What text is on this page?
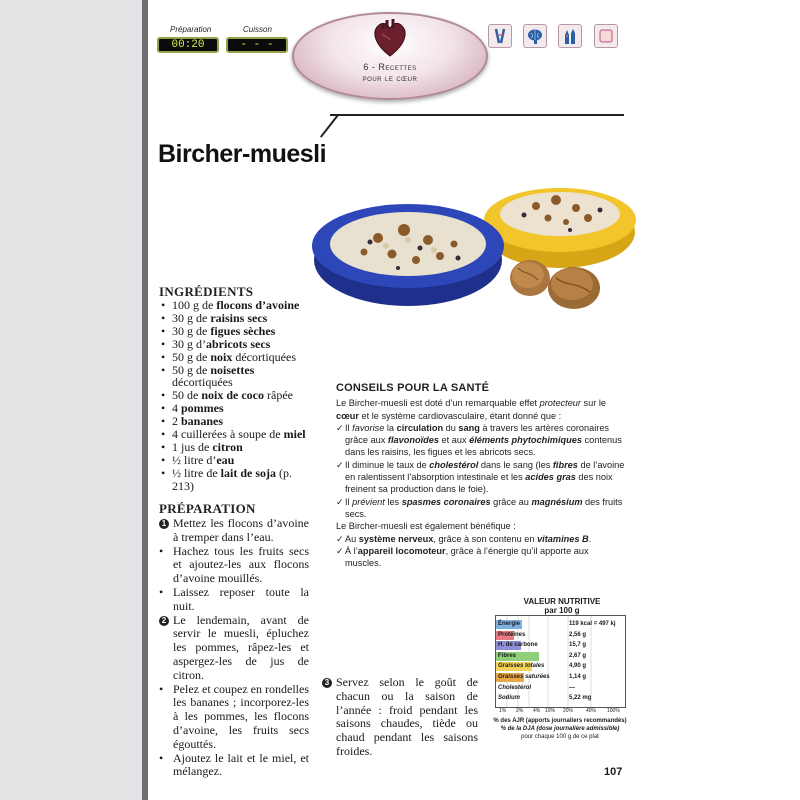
Préparation
00:20
Cuisson
- - -
6 - Recettes
pour le cœur
Bircher-muesli
INGRÉDIENTS
• 100 g de flocons d’avoine
• 30 g de raisins secs
• 30 g de figues sèches
• 30 g d’abricots secs
• 50 g de noix décortiquées
• 50 g de noisettes décortiquées
• 50 de noix de coco râpée
• 4 pommes
• 2 bananes
• 4 cuillerées à soupe de miel
• 1 jus de citron
• ½ litre d’eau
• ½ litre de lait de soja (p. 213)
PRÉPARATION

1 Mettez les flocons d’avoine à tremper dans l’eau.

• Hachez tous les fruits secs et ajoutez-les aux flocons d’avoine mouillés.

• Laissez reposer toute la nuit.

2 Le lendemain, avant de servir le muesli, épluchez les pommes, râpez-les et aspergez-les de jus de citron.

• Pelez et coupez en rondelles les bananes ; incorporez-les à les pommes, les flocons d’avoine, les fruits secs égouttés.

• Ajoutez le lait et le miel, et mélangez.

3 Servez selon le goût de chacun ou la saison de l’année : froid pendant les saisons chaudes, tiède ou chaud pendant les saisons froides.

CONSEILS POUR LA SANTÉ

Le Bircher-muesli est doté d’un remarquable effet protecteur sur le cœur et le système cardiovasculaire, étant donné que :

✓ Il favorise la circulation du sang à travers les artères coronaires grâce aux flavonoïdes et aux éléments phytochimiques contenus dans les raisins, les figues et les abricots secs.

✓ Il diminue le taux de cholestérol dans le sang (les fibres de l’avoine en ralentissent l’absorption intestinale et les acides gras des noix freinent sa production dans le foie).

✓ Il prévient les spasmes coronaires grâce au magnésium des fruits secs.

Le Bircher-muesli est également bénéfique :

✓ Au système nerveux, grâce à son contenu en vitamines B.

✓ À l’appareil locomoteur, grâce à l’énergie qu’il apporte aux muscles.

VALEUR NUTRITIVE
par 100 g
Énergie	119 kcal = 497 kj
Protéines	2,56 g
H. de carbone	15,7 g
Fibres	2,67 g
Graisses totales	4,90 g
Graisses saturées	1,14 g
Cholestérol	—
Sodium	5,22 mg
1% 2% 4% 10% 20%	40% 100%
% des AJR (apports journaliers recommandés)
% de la DJA (dose journalière admissible)
pour chaque 100 g de ce plat
107
